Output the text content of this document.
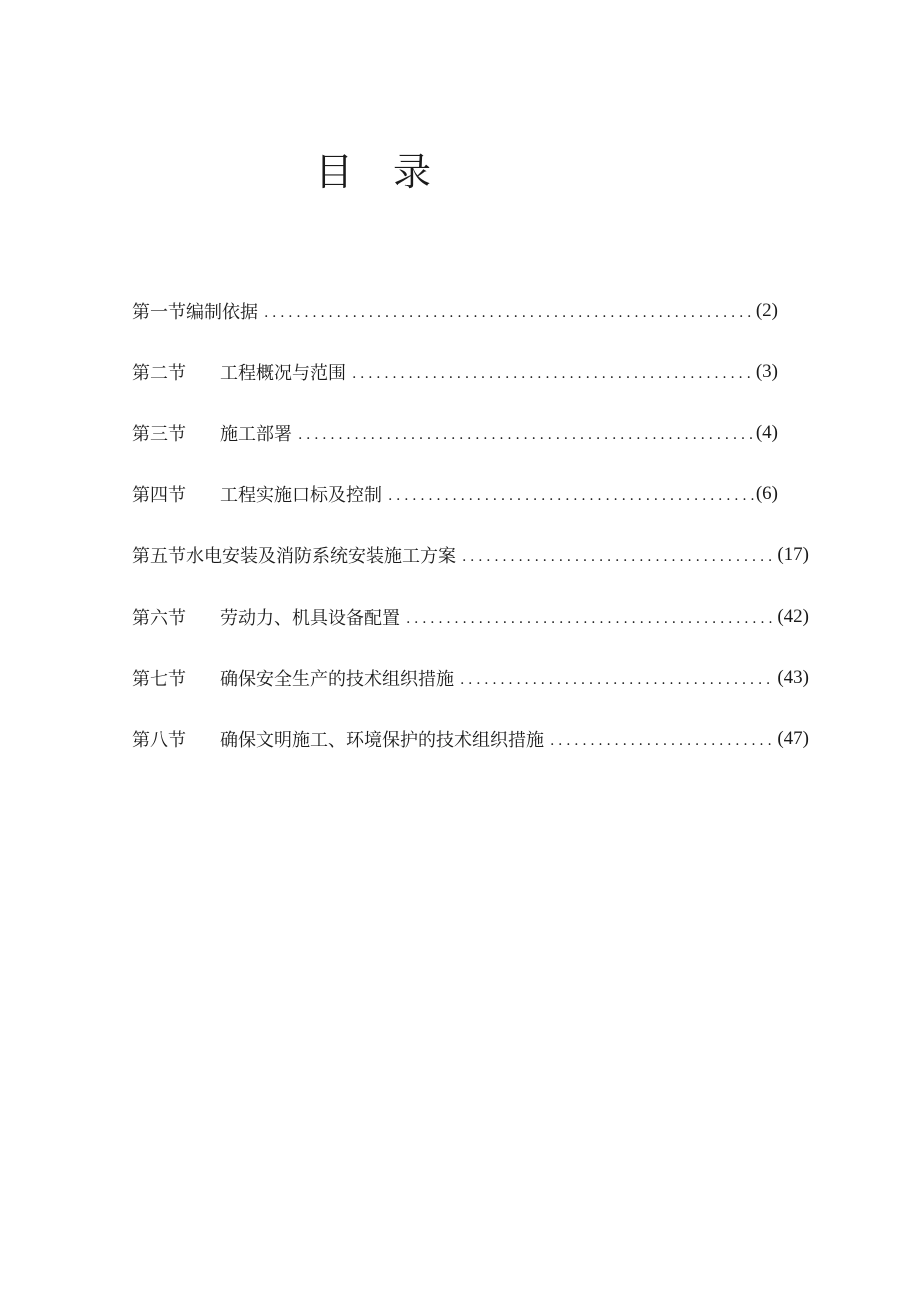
目 录
第一节 编制依据 .....	(2)
第二节	工程概况与范围 .....	(3)
第三节	施工部署 .....	(4)
第四节	工程实施口标及控制 .....	(6)
第五节 水电安装及消防系统安装施工方案 .....	(17)
第六节	劳动力、机具设备配置 .....	(42)
第七节	确保安全生产的技术组织措施 .....	(43)
第八节	确保文明施工、环境保护的技术组织措施 .....	(47)
